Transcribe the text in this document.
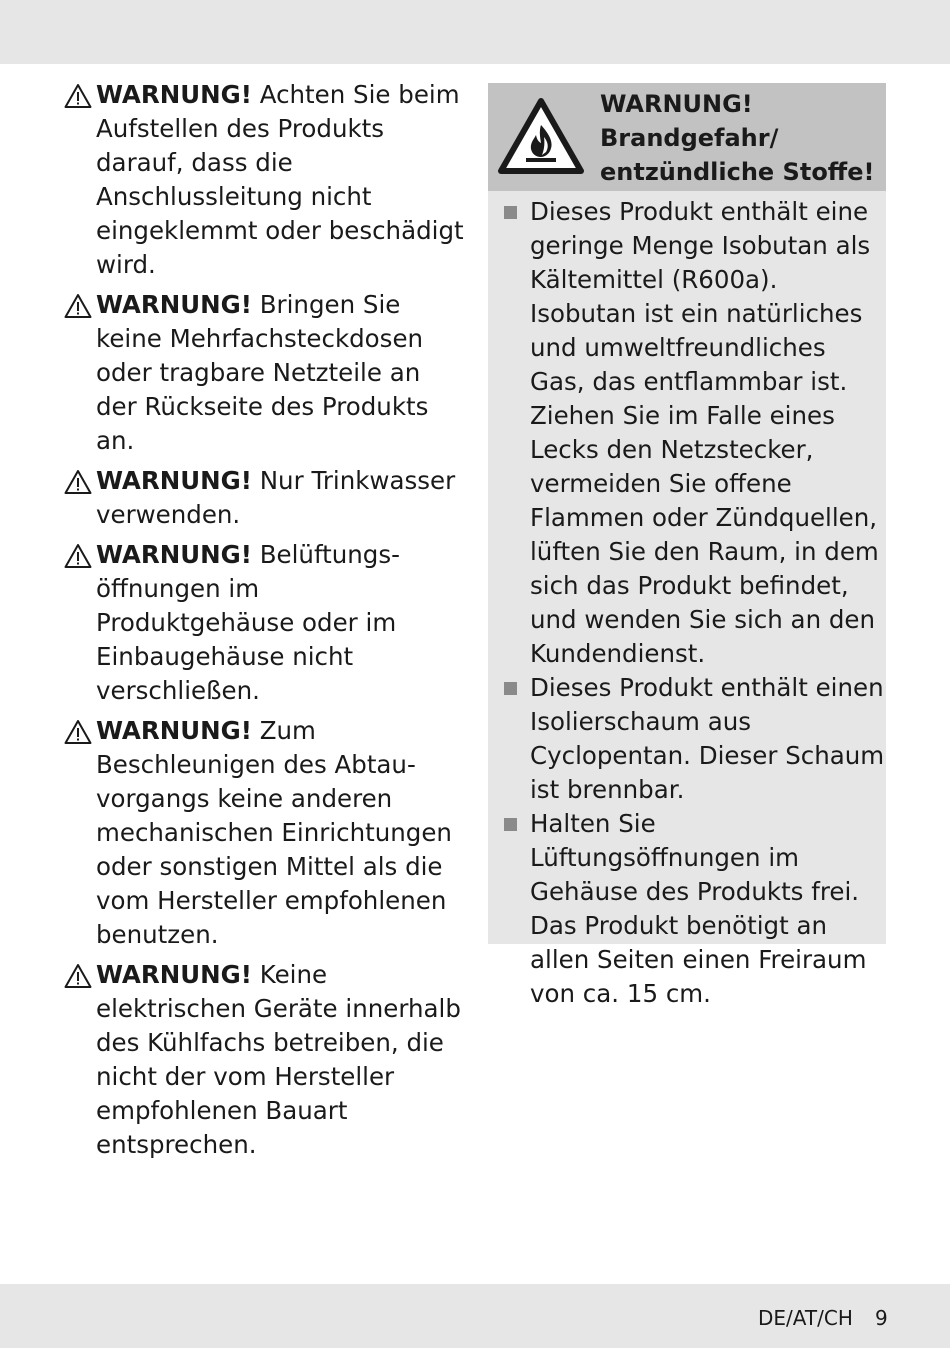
WARNUNG! Achten Sie beim Aufstellen des Produkts darauf, dass die Anschlussleitung nicht eingeklemmt oder beschädigt wird.
WARNUNG! Bringen Sie keine Mehrfachsteckdosen oder tragbare Netzteile an der Rückseite des Produkts an.
WARNUNG! Nur Trinkwasser verwenden.
WARNUNG! Belüftungs-öffnungen im Produktgehäuse oder im Einbaugehäuse nicht verschließen.
WARNUNG! Zum Beschleunigen des Abtau-vorgangs keine anderen mechanischen Einrichtungen oder sonstigen Mittel als die vom Hersteller empfohlenen benutzen.
WARNUNG! Keine elektrischen Geräte innerhalb des Kühlfachs betreiben, die nicht der vom Hersteller empfohlenen Bauart entsprechen.
WARNUNG!
Brandgefahr/
entzündliche Stoffe!
Dieses Produkt enthält eine geringe Menge Isobutan als Kältemittel (R600a). Isobutan ist ein natürliches und umweltfreundliches Gas, das entflammbar ist. Ziehen Sie im Falle eines Lecks den Netzstecker, vermeiden Sie offene Flammen oder Zündquellen, lüften Sie den Raum, in dem sich das Produkt befindet, und wenden Sie sich an den Kundendienst.
Dieses Produkt enthält einen Isolierschaum aus Cyclopentan. Dieser Schaum ist brennbar.
Halten Sie Lüftungsöffnungen im Gehäuse des Produkts frei. Das Produkt benötigt an allen Seiten einen Freiraum von ca. 15 cm.
DE/AT/CH 9
